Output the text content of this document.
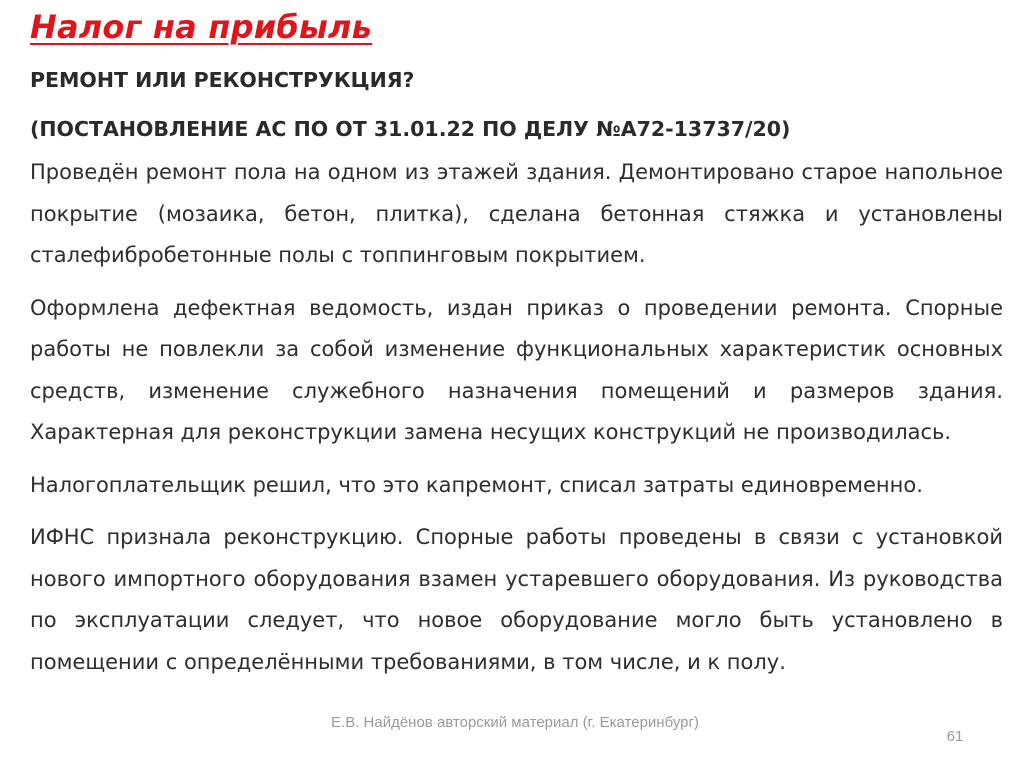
Налог на прибыль
РЕМОНТ ИЛИ РЕКОНСТРУКЦИЯ?
(ПОСТАНОВЛЕНИЕ АС ПО ОТ 31.01.22 ПО ДЕЛУ №А72-13737/20)

Проведён ремонт пола на одном из этажей здания. Демонтировано старое напольное покрытие (мозаика, бетон, плитка), сделана бетонная стяжка и установлены сталефибробетонные полы с топпинговым покрытием.

Оформлена дефектная ведомость, издан приказ о проведении ремонта. Спорные работы не повлекли за собой изменение функциональных характеристик основных средств, изменение служебного назначения помещений и размеров здания. Характерная для реконструкции замена несущих конструкций не производилась.

Налогоплательщик решил, что это капремонт, списал затраты единовременно.

ИФНС признала реконструкцию. Спорные работы проведены в связи с установкой нового импортного оборудования взамен устаревшего оборудования. Из руководства по эксплуатации следует, что новое оборудование могло быть установлено в помещении с определёнными требованиями, в том числе, и к полу.

Е.В. Найдёнов авторский материал (г. Екатеринбург)
61
